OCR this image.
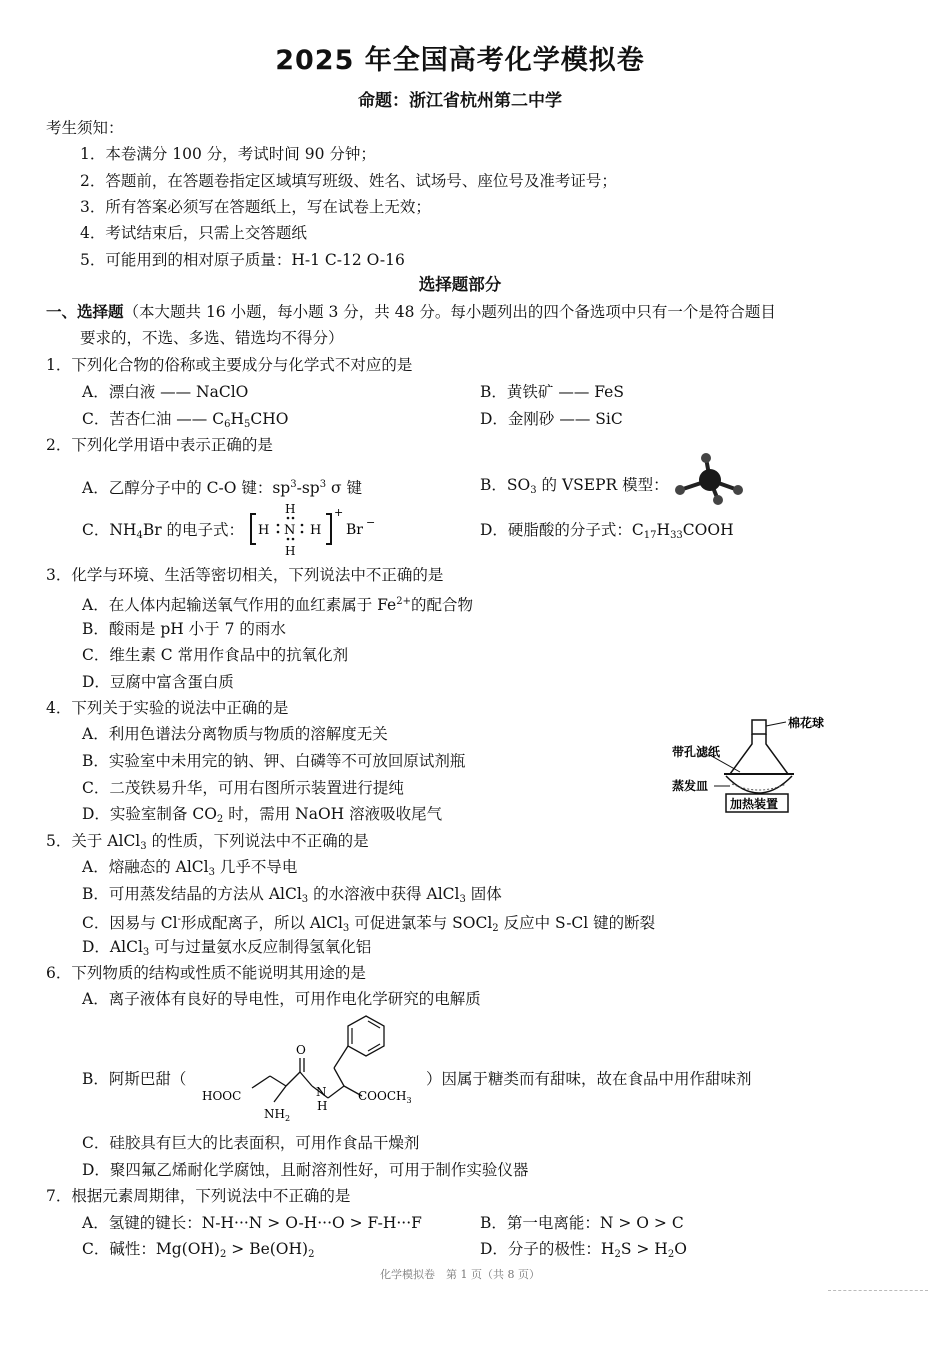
2025 年全国高考化学模拟卷
命题：浙江省杭州第二中学
考生须知：
1．本卷满分 100 分，考试时间 90 分钟；
2．答题前，在答题卷指定区域填写班级、姓名、试场号、座位号及准考证号；
3．所有答案必须写在答题纸上，写在试卷上无效；
4．考试结束后，只需上交答题纸
5．可能用到的相对原子质量：H-1 C-12 O-16
选择题部分
一、选择题（本大题共 16 小题，每小题 3 分，共 48 分。每小题列出的四个备选项中只有一个是符合题目
要求的，不选、多选、错选均不得分）
1．下列化合物的俗称或主要成分与化学式不对应的是
A．漂白液 —— NaClO	B．黄铁矿 —— FeS
C．苦杏仁油 —— $C_6H_5CHO$	D．金刚砂 —— SiC
2．下列化学用语中表示正确的是
A．乙醇分子中的 C-O 键：$sp^3-sp^3$ σ 键	B．$SO_3$ 的 VSEPR 模型：
C．$NH_4Br$ 的电子式： H N H
H
H
+
Br −	D．硬脂酸的分子式：$C_{17}H_{33}COOH$
3．化学与环境、生活等密切相关，下列说法中不正确的是
A．在人体内起输送氧气作用的血红素属于 $Fe^{2+}$的配合物
B．酸雨是 pH 小于 7 的雨水
C．维生素 C 常用作食品中的抗氧化剂
D．豆腐中富含蛋白质
4．下列关于实验的说法中正确的是
A．利用色谱法分离物质与物质的溶解度无关
B．实验室中未用完的钠、钾、白磷等不可放回原试剂瓶
C．二茂铁易升华，可用右图所示装置进行提纯
D．实验室制备 $CO_2$ 时，需用 NaOH 溶液吸收尾气
棉花球
带孔滤纸
蒸发皿
加热装置
5．关于 AlCl$_3$ 的性质，下列说法中不正确的是
A．熔融态的 AlCl$_3$ 几乎不导电
B．可用蒸发结晶的方法从 AlCl$_3$ 的水溶液中获得 AlCl$_3$ 固体
C．因易与 Cl-形成配离子，所以 AlCl$_3$ 可促进氯苯与 SOCl$_2$ 反应中 S-Cl 键的断裂
D．AlCl$_3$ 可与过量氨水反应制得氢氧化铝
6．下列物质的结构或性质不能说明其用途的是
A．离子液体有良好的导电性，可用作电化学研究的电解质
B．阿斯巴甜（
O
HOOC
$NH_2$
N
H
$COOCH_3$
）因属于糖类而有甜味，故在食品中用作甜味剂
C．硅胶具有巨大的比表面积，可用作食品干燥剂
D．聚四氟乙烯耐化学腐蚀，且耐溶剂性好，可用于制作实验仪器
7．根据元素周期律，下列说法中不正确的是
A．氢键的键长：N-H···N > O-H···O > F-H···F	B．第一电离能：N > O > C
C．碱性：$Mg(OH)_2 > Be(OH)_2$	D．分子的极性：$H_2S > H_2O$
化学模拟卷　第 1 页（共 8 页）
